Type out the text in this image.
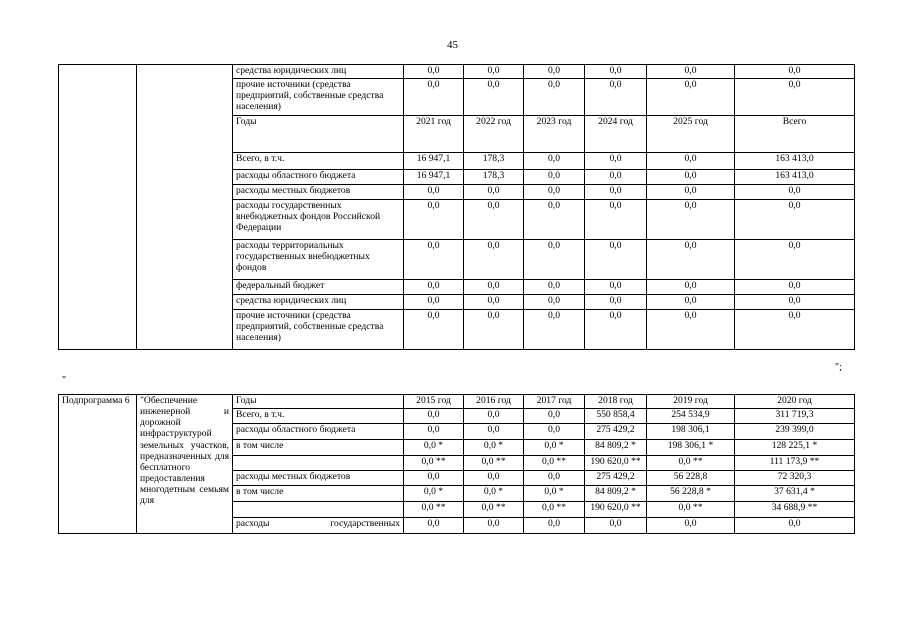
45
		средства юридических лиц	0,0	0,0	0,0	0,0	0,0	0,0
		прочие источники (средства предприятий, собственные средства населения)	0,0	0,0	0,0	0,0	0,0	0,0
		Годы	2021 год	2022 год	2023 год	2024 год	2025 год	Всего
		Всего, в т.ч.	16 947,1	178,3	0,0	0,0	0,0	163 413,0
		расходы областного бюджета	16 947,1	178,3	0,0	0,0	0,0	163 413,0
		расходы местных бюджетов	0,0	0,0	0,0	0,0	0,0	0,0
		расходы государственных внебюджетных фондов Российской Федерации	0,0	0,0	0,0	0,0	0,0	0,0
		расходы территориальных государственных внебюджетных фондов	0,0	0,0	0,0	0,0	0,0	0,0
		федеральный бюджет	0,0	0,0	0,0	0,0	0,0	0,0
		средства юридических лиц	0,0	0,0	0,0	0,0	0,0	0,0
		прочие источники (средства предприятий, собственные средства населения)	0,0	0,0	0,0	0,0	0,0	0,0
";
"
Подпрограмма 6	"Обеспечение инженерной и дорожной инфраструктурой земельных участков, предназначенных для бесплатного предоставления многодетным семьям для	Годы	2015 год	2016 год	2017 год	2018 год	2019 год	2020 год
		Всего, в т.ч.	0,0	0,0	0,0	550 858,4	254 534,9	311 719,3
		расходы областного бюджета	0,0	0,0	0,0	275 429,2	198 306,1	239 399,0
		в том числе	0,0 *	0,0 *	0,0 *	84 809,2 *	198 306,1 *	128 225,1 *
			0,0 **	0,0 **	0,0 **	190 620,0 **	0,0 **	111 173,9 **
		расходы местных бюджетов	0,0	0,0	0,0	275 429,2	56 228,8	72 320,3
		в том числе	0,0 *	0,0 *	0,0 *	84 809,2 *	56 228,8 *	37 631,4 *
			0,0 **	0,0 **	0,0 **	190 620,0 **	0,0 **	34 688,9 **
		расходы государственных	0,0	0,0	0,0	0,0	0,0	0,0
